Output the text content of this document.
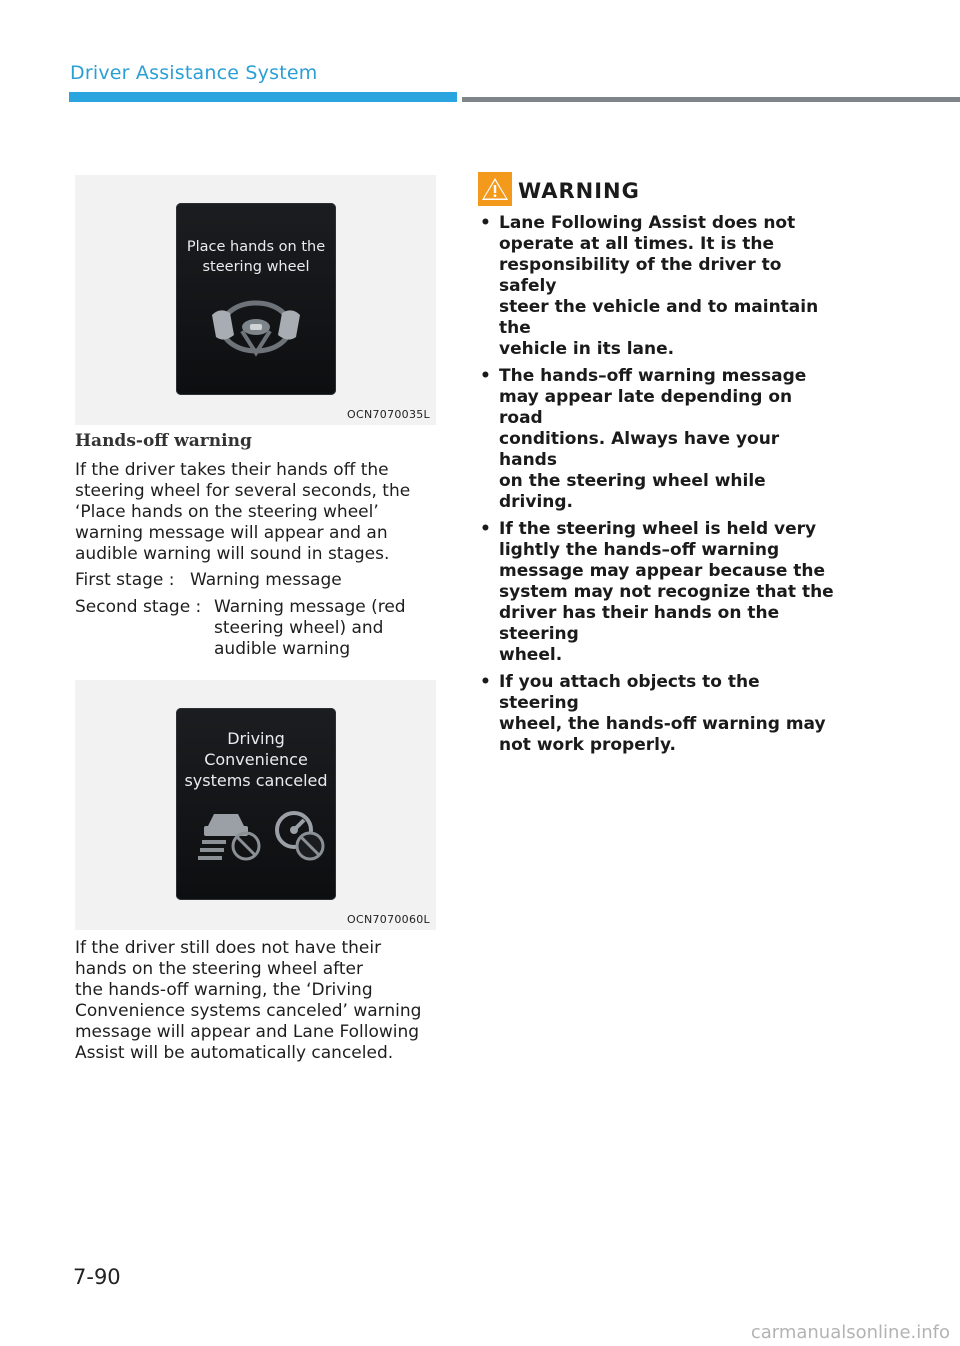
Driver Assistance System
Place hands on the
steering wheel
OCN7070035L
Hands-off warning
If the driver takes their hands off the
steering wheel for several seconds, the
‘Place hands on the steering wheel’
warning message will appear and an
audible warning will sound in stages.
First stage : Warning message
Second stage : Warning message (red
steering wheel) and
audible warning
Driving
Convenience
systems canceled
OCN7070060L
If the driver still does not have their
hands on the steering wheel after
the hands-off warning, the ‘Driving
Convenience systems canceled’ warning
message will appear and Lane Following
Assist will be automatically canceled.
WARNING
• Lane Following Assist does not
operate at all times. It is the
responsibility of the driver to safely
steer the vehicle and to maintain the
vehicle in its lane.
• The hands–off warning message
may appear late depending on road
conditions. Always have your hands
on the steering wheel while driving.
• If the steering wheel is held very
lightly the hands–off warning
message may appear because the
system may not recognize that the
driver has their hands on the steering
wheel.
• If you attach objects to the steering
wheel, the hands-off warning may
not work properly.
7-90
carmanualsonline.info
